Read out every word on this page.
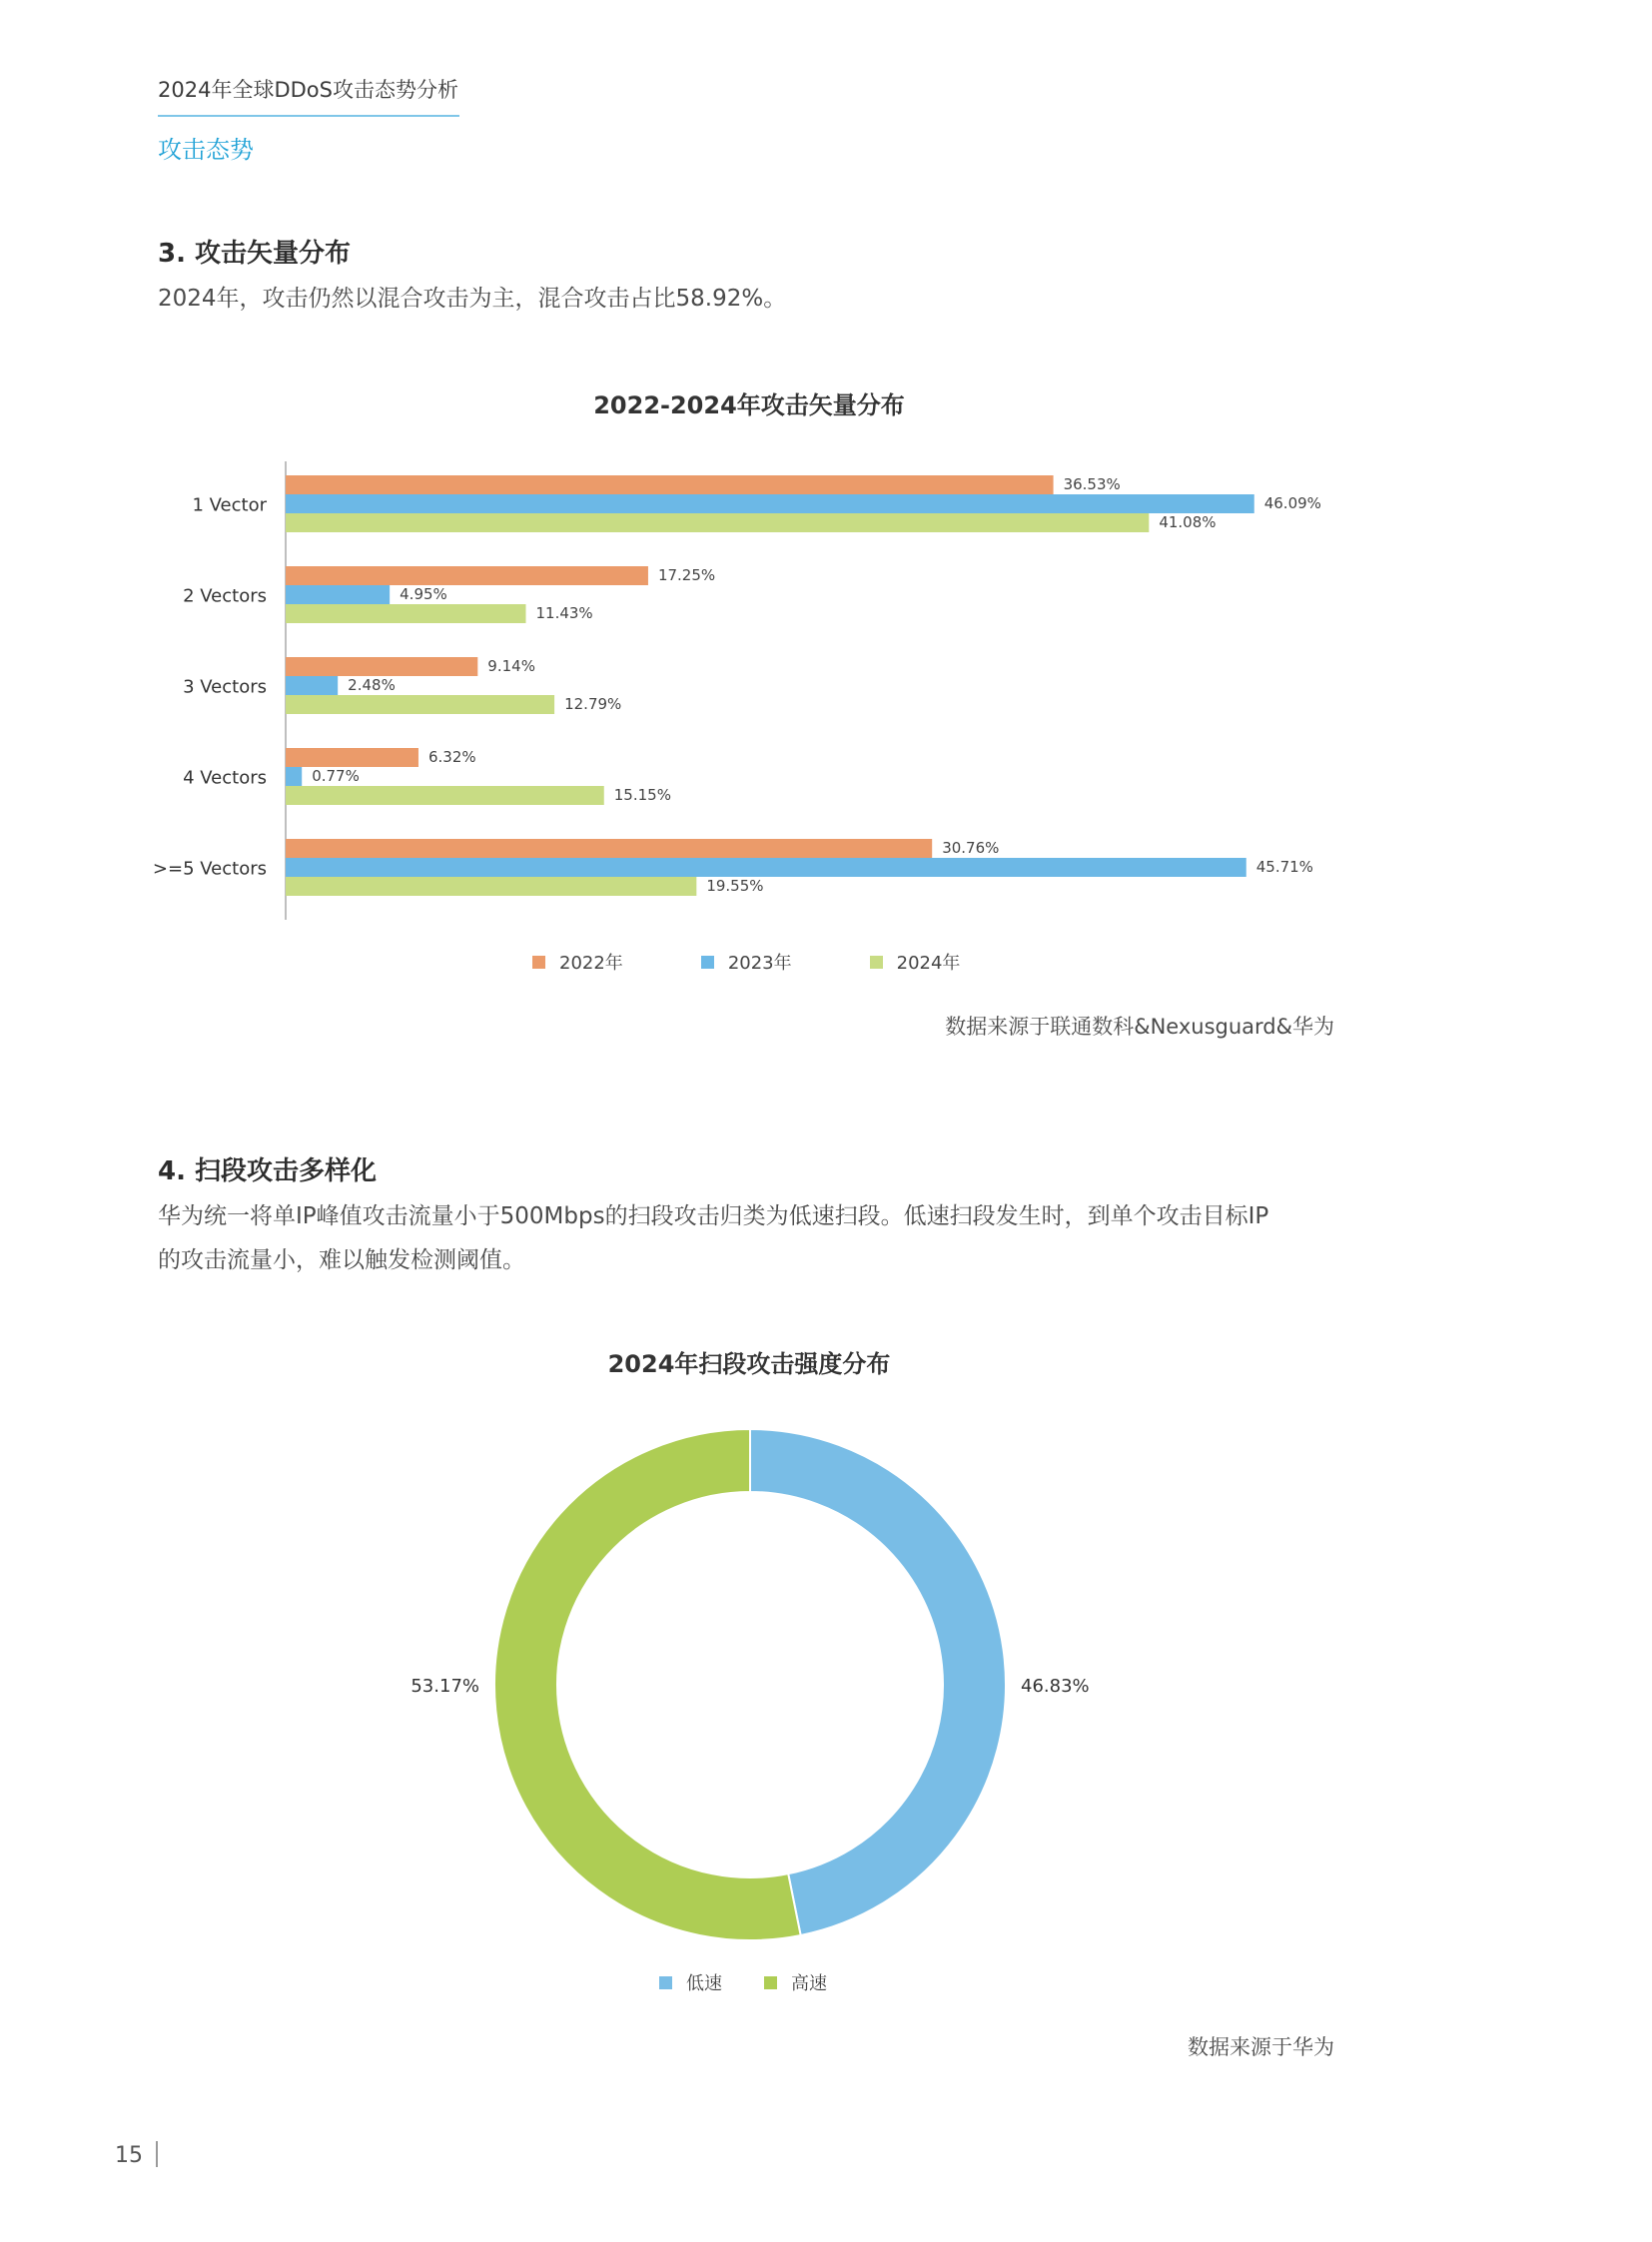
2024年全球DDoS攻击态势分析
攻击态势
3. 攻击矢量分布
2024年，攻击仍然以混合攻击为主，混合攻击占比58.92%。
2022-2024年攻击矢量分布
1 Vector
36.53%
46.09%
41.08%
2 Vectors
17.25%
4.95%
11.43%
3 Vectors
9.14%
2.48%
12.79%
4 Vectors
6.32%
0.77%
15.15%
>=5 Vectors
30.76%
45.71%
19.55%
2022年	2023年	2024年
数据来源于联通数科&Nexusguard&华为
4. 扫段攻击多样化
华为统一将单IP峰值攻击流量小于500Mbps的扫段攻击归类为低速扫段。低速扫段发生时，到单个攻击目标IP
的攻击流量小，难以触发检测阈值。
2024年扫段攻击强度分布
46.83%
53.17%
低速	高速
数据来源于华为
15
